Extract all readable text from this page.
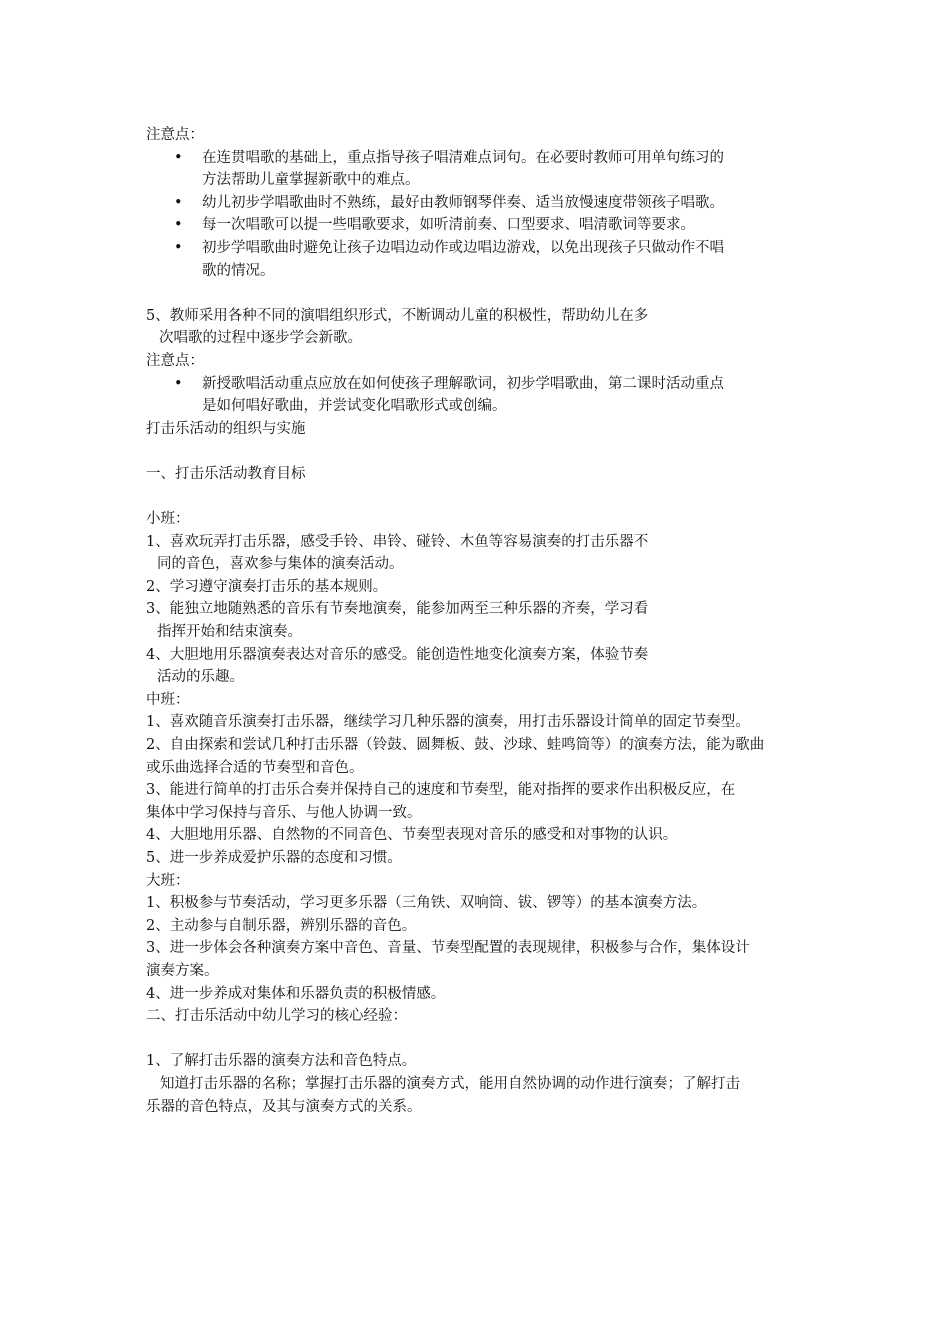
注意点：

•	在连贯唱歌的基础上，重点指导孩子唱清难点词句。在必要时教师可用单句练习的
方法帮助儿童掌握新歌中的难点。
•	幼儿初步学唱歌曲时不熟练，最好由教师钢琴伴奏、适当放慢速度带领孩子唱歌。
•	每一次唱歌可以提一些唱歌要求，如听清前奏、口型要求、唱清歌词等要求。
•	初步学唱歌曲时避免让孩子边唱边动作或边唱边游戏，以免出现孩子只做动作不唱
歌的情况。

5、教师采用各种不同的演唱组织形式，不断调动儿童的积极性，帮助幼儿在多

次唱歌的过程中逐步学会新歌。

注意点：

•	新授歌唱活动重点应放在如何使孩子理解歌词，初步学唱歌曲，第二课时活动重点
是如何唱好歌曲，并尝试变化唱歌形式或创编。

打击乐活动的组织与实施

一、打击乐活动教育目标

小班：

1、喜欢玩弄打击乐器，感受手铃、串铃、碰铃、木鱼等容易演奏的打击乐器不

同的音色，喜欢参与集体的演奏活动。

2、学习遵守演奏打击乐的基本规则。

3、能独立地随熟悉的音乐有节奏地演奏，能参加两至三种乐器的齐奏，学习看

指挥开始和结束演奏。

4、大胆地用乐器演奏表达对音乐的感受。能创造性地变化演奏方案，体验节奏

活动的乐趣。

中班：

1、喜欢随音乐演奏打击乐器，继续学习几种乐器的演奏，用打击乐器设计简单的固定节奏型。

2、自由探索和尝试几种打击乐器（铃鼓、圆舞板、鼓、沙球、蛙鸣筒等）的演奏方法，能为歌曲

或乐曲选择合适的节奏型和音色。

3、能进行简单的打击乐合奏并保持自己的速度和节奏型，能对指挥的要求作出积极反应，在

集体中学习保持与音乐、与他人协调一致。

4、大胆地用乐器、自然物的不同音色、节奏型表现对音乐的感受和对事物的认识。

5、进一步养成爱护乐器的态度和习惯。

大班：

1、积极参与节奏活动，学习更多乐器（三角铁、双响筒、钹、锣等）的基本演奏方法。

2、主动参与自制乐器，辨别乐器的音色。

3、进一步体会各种演奏方案中音色、音量、节奏型配置的表现规律，积极参与合作，集体设计

演奏方案。

4、进一步养成对集体和乐器负责的积极情感。

二、打击乐活动中幼儿学习的核心经验：

1、了解打击乐器的演奏方法和音色特点。

知道打击乐器的名称；掌握打击乐器的演奏方式，能用自然协调的动作进行演奏；了解打击

乐器的音色特点，及其与演奏方式的关系。
